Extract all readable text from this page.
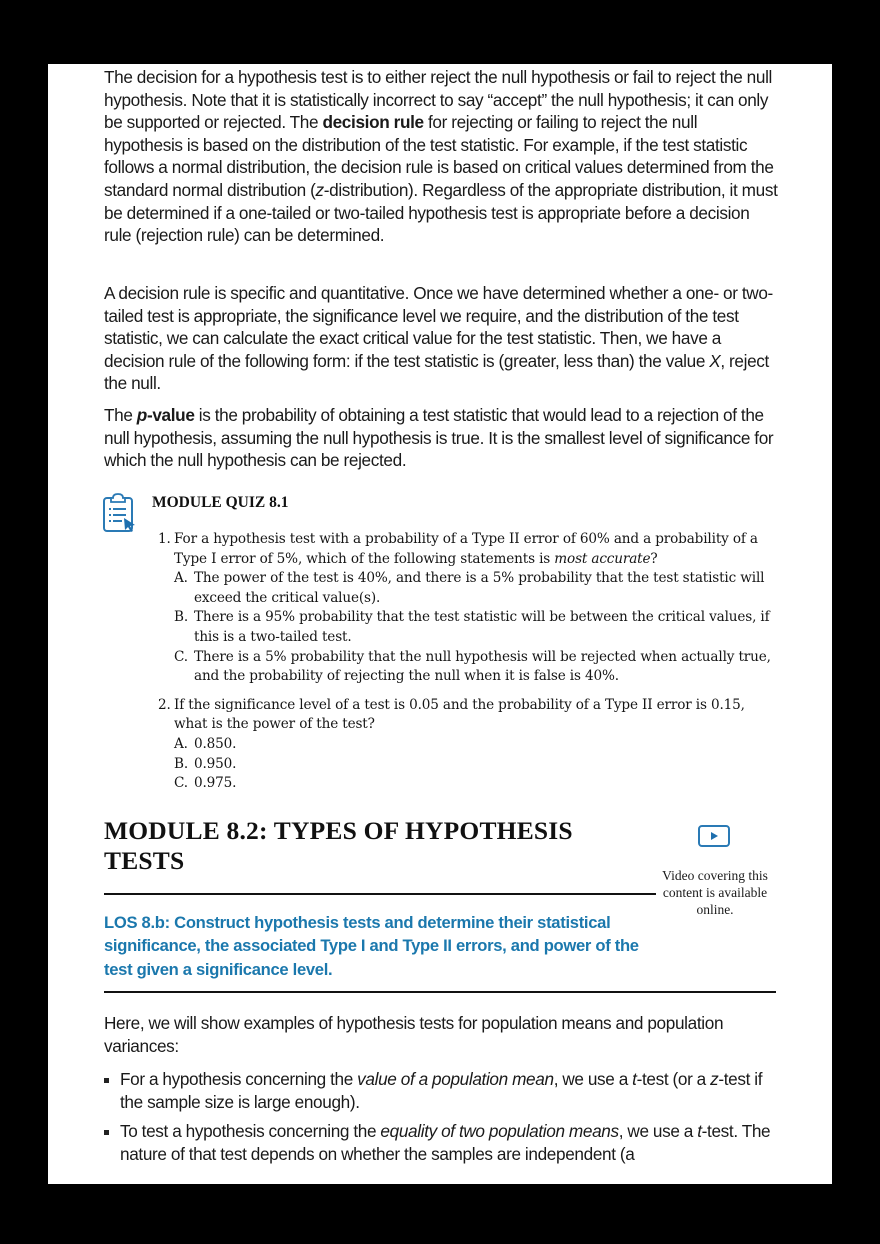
The decision for a hypothesis test is to either reject the null hypothesis or fail to reject the null hypothesis. Note that it is statistically incorrect to say “accept” the null hypothesis; it can only be supported or rejected. The decision rule for rejecting or failing to reject the null hypothesis is based on the distribution of the test statistic. For example, if the test statistic follows a normal distribution, the decision rule is based on critical values determined from the standard normal distribution (z-distribution). Regardless of the appropriate distribution, it must be determined if a one-tailed or two-tailed hypothesis test is appropriate before a decision rule (rejection rule) can be determined.

A decision rule is specific and quantitative. Once we have determined whether a one- or two-tailed test is appropriate, the significance level we require, and the distribution of the test statistic, we can calculate the exact critical value for the test statistic. Then, we have a decision rule of the following form: if the test statistic is (greater, less than) the value X, reject the null.

The p-value is the probability of obtaining a test statistic that would lead to a rejection of the null hypothesis, assuming the null hypothesis is true. It is the smallest level of significance for which the null hypothesis can be rejected.

MODULE QUIZ 8.1
1. For a hypothesis test with a probability of a Type II error of 60% and a probability of a Type I error of 5%, which of the following statements is most accurate?
A. The power of the test is 40%, and there is a 5% probability that the test statistic will exceed the critical value(s).
B. There is a 95% probability that the test statistic will be between the critical values, if this is a two-tailed test.
C. There is a 5% probability that the null hypothesis will be rejected when actually true, and the probability of rejecting the null when it is false is 40%.
2. If the significance level of a test is 0.05 and the probability of a Type II error is 0.15, what is the power of the test?
A. 0.850.
B. 0.950.
C. 0.975.
MODULE 8.2: TYPES OF HYPOTHESIS TESTS
Video covering this content is available online.
LOS 8.b: Construct hypothesis tests and determine their statistical significance, the associated Type I and Type II errors, and power of the test given a significance level.

Here, we will show examples of hypothesis tests for population means and population variances:

For a hypothesis concerning the value of a population mean, we use a t-test (or a z-test if the sample size is large enough).
To test a hypothesis concerning the equality of two population means, we use a t-test. The nature of that test depends on whether the samples are independent (a
